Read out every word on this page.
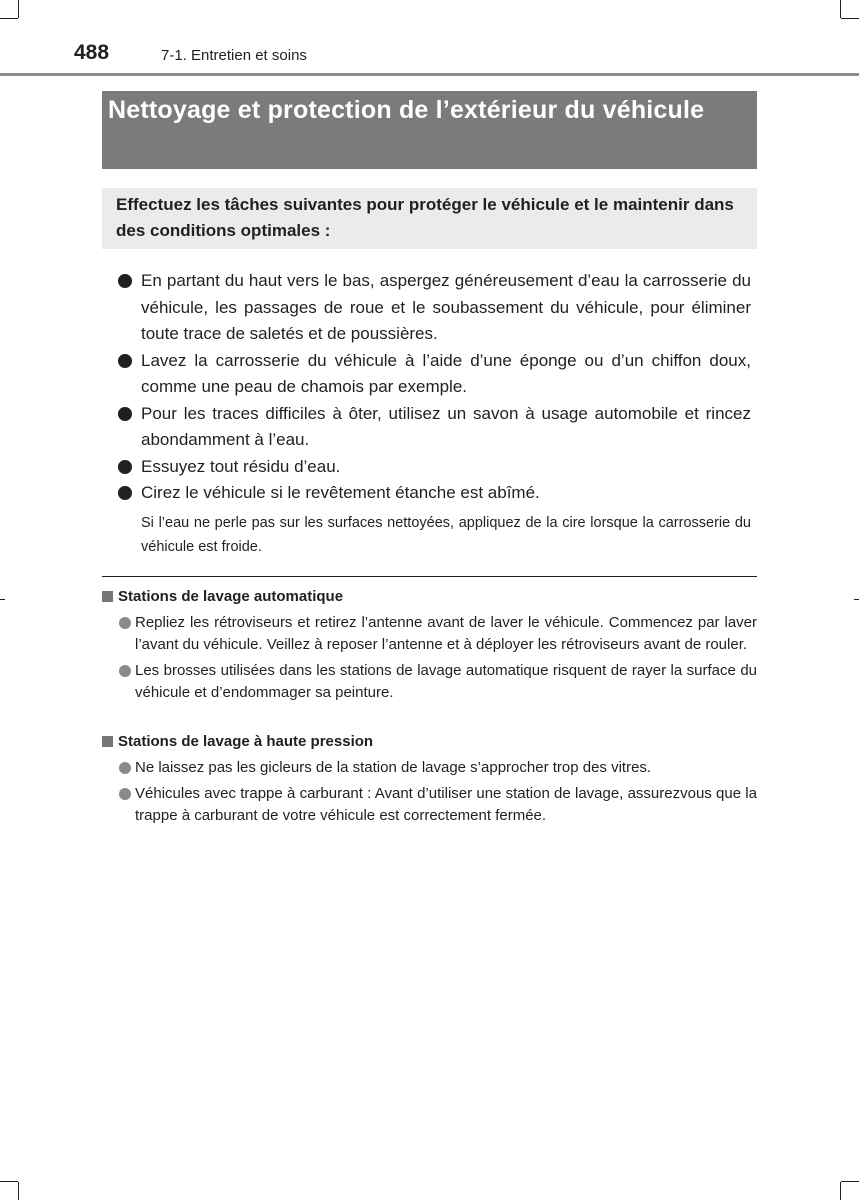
488	7-1. Entretien et soins
Nettoyage et protection de l’extérieur du véhicule
Effectuez les tâches suivantes pour protéger le véhicule et le maintenir dans des conditions optimales :
En partant du haut vers le bas, aspergez généreusement d’eau la carrosserie du véhicule, les passages de roue et le soubassement du véhicule, pour éliminer toute trace de saletés et de poussières.
Lavez la carrosserie du véhicule à l’aide d’une éponge ou d’un chiffon doux, comme une peau de chamois par exemple.
Pour les traces difficiles à ôter, utilisez un savon à usage automobile et rincez abondamment à l’eau.
Essuyez tout résidu d’eau.
Cirez le véhicule si le revêtement étanche est abîmé.
Si l’eau ne perle pas sur les surfaces nettoyées, appliquez de la cire lorsque la carrosserie du véhicule est froide.
Stations de lavage automatique
Repliez les rétroviseurs et retirez l’antenne avant de laver le véhicule. Commencez par laver l’avant du véhicule. Veillez à reposer l’antenne et à déployer les rétroviseurs avant de rouler.
Les brosses utilisées dans les stations de lavage automatique risquent de rayer la surface du véhicule et d’endommager sa peinture.
Stations de lavage à haute pression
Ne laissez pas les gicleurs de la station de lavage s’approcher trop des vitres.
Véhicules avec trappe à carburant : Avant d’utiliser une station de lavage, assurezvous que la trappe à carburant de votre véhicule est correctement fermée.
